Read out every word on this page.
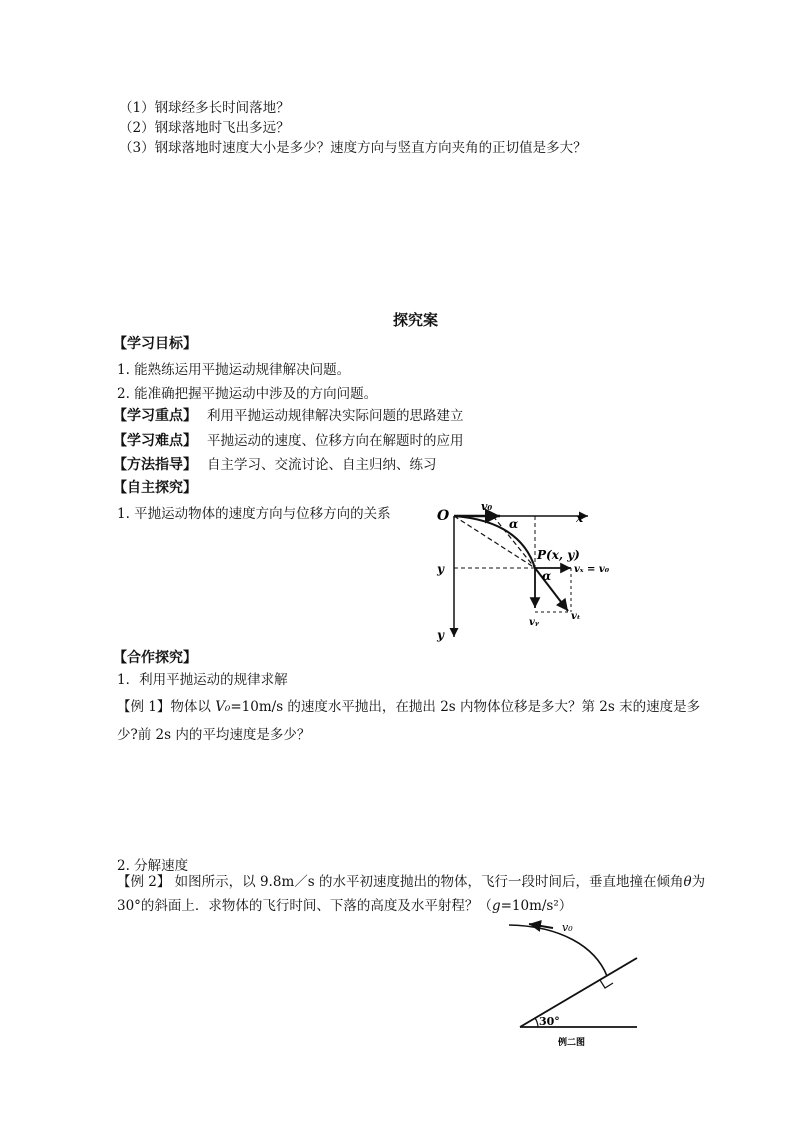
（1）钢球经多长时间落地？
（2）钢球落地时飞出多远？
（3）钢球落地时速度大小是多少？速度方向与竖直方向夹角的正切值是多大？
探究案
【学习目标】
1. 能熟练运用平抛运动规律解决问题。
2. 能准确把握平抛运动中涉及的方向问题。
【学习重点】 利用平抛运动规律解决实际问题的思路建立
【学习难点】 平抛运动的速度、位移方向在解题时的应用
【方法指导】 自主学习、交流讨论、自主归纳、练习
【自主探究】
1. 平抛运动物体的速度方向与位移方向的关系	O
v₀
α	x
P(x, y)
y	α vₓ = v₀
vᵧ
vₜ
y
【合作探究】
1．利用平抛运动的规律求解
【例 1】物体以 V₀=10m/s 的速度水平抛出，在抛出 2s 内物体位移是多大？第 2s 末的速度是多少?前 2s 内的平均速度是多少？
2. 分解速度
【例 2】 如图所示，以 9.8m／s 的水平初速度抛出的物体，飞行一段时间后，垂直地撞在倾角θ为 30°的斜面上．求物体的飞行时间、下落的高度及水平射程？（g=10m/s²）
v₀
30°
例二图
